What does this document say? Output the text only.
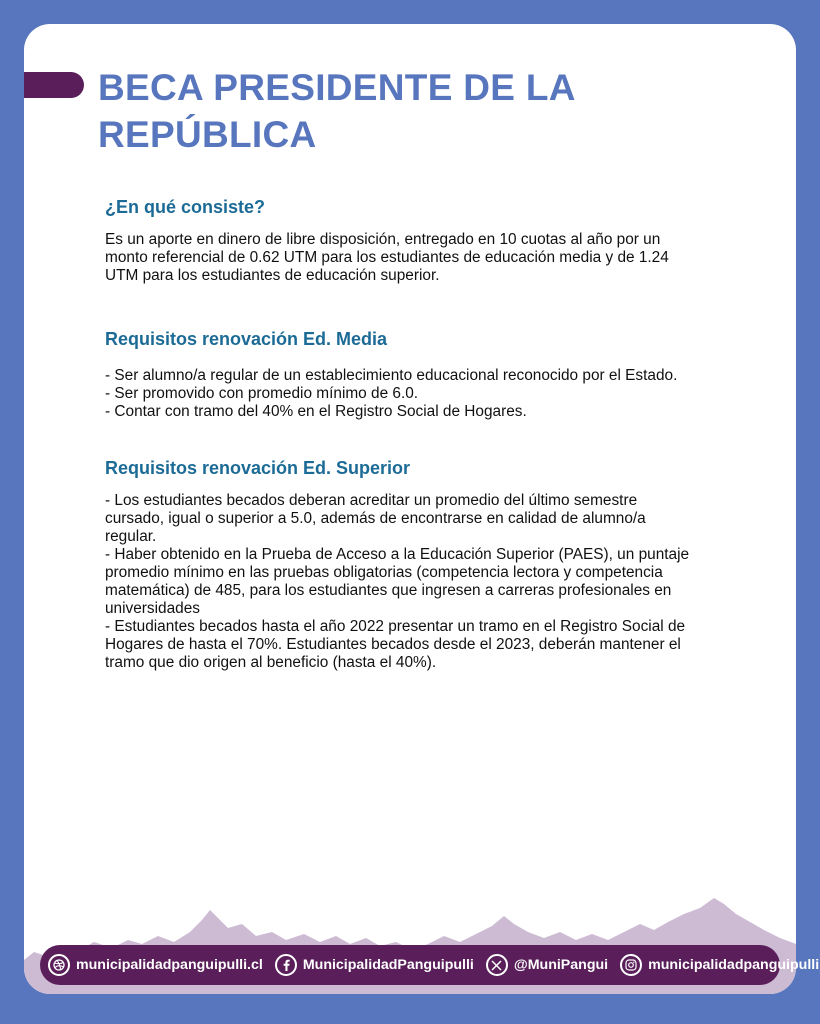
BECA PRESIDENTE DE LA
REPÚBLICA
¿En qué consiste?
Es un aporte en dinero de libre disposición, entregado en 10 cuotas al año por un
monto referencial de 0.62 UTM para los estudiantes de educación media y de 1.24
UTM para los estudiantes de educación superior.
Requisitos renovación Ed. Media
- Ser alumno/a regular de un establecimiento educacional reconocido por el Estado.
- Ser promovido con promedio mínimo de 6.0.
- Contar con tramo del 40% en el Registro Social de Hogares.
Requisitos renovación Ed. Superior
- Los estudiantes becados deberan acreditar un promedio del último semestre
cursado, igual o superior a 5.0, además de encontrarse en calidad de alumno/a
regular.
- Haber obtenido en la Prueba de Acceso a la Educación Superior (PAES), un puntaje
promedio mínimo en las pruebas obligatorias (competencia lectora y competencia
matemática) de 485, para los estudiantes que ingresen a carreras profesionales en
universidades
- Estudiantes becados hasta el año 2022 presentar un tramo en el Registro Social de
Hogares de hasta el 70%. Estudiantes becados desde el 2023, deberán mantener el
tramo que dio origen al beneficio (hasta el 40%).
municipalidadpanguipulli.cl	MunicipalidadPanguipulli	@MuniPangui	municipalidadpanguipulli
